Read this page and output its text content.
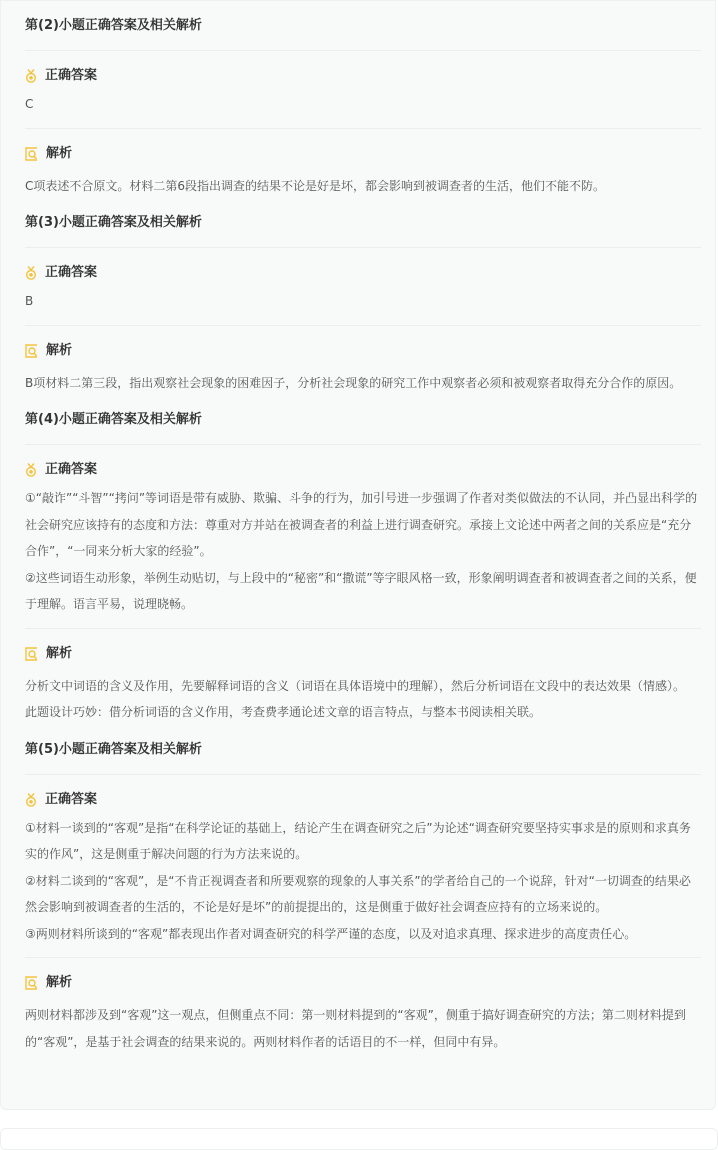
第(2)小题正确答案及相关解析
正确答案

C

解析

C项表述不合原文。材料二第6段指出调查的结果不论是好是坏，都会影响到被调查者的生活，他们不能不防。

第(3)小题正确答案及相关解析
正确答案

B

解析

B项材料二第三段，指出观察社会现象的困难因子，分析社会现象的研究工作中观察者必须和被观察者取得充分合作的原因。

第(4)小题正确答案及相关解析
正确答案

①“敲诈”“斗智”“拷问”等词语是带有威胁、欺骗、斗争的行为，加引号进一步强调了作者对类似做法的不认同，并凸显出科学的社会研究应该持有的态度和方法：尊重对方并站在被调查者的利益上进行调查研究。承接上文论述中两者之间的关系应是“充分合作”，“一同来分析大家的经验”。

②这些词语生动形象，举例生动贴切，与上段中的“秘密”和“撒谎”等字眼风格一致，形象阐明调查者和被调查者之间的关系，便于理解。语言平易，说理晓畅。

解析

分析文中词语的含义及作用，先要解释词语的含义（词语在具体语境中的理解），然后分析词语在文段中的表达效果（情感）。

此题设计巧妙：借分析词语的含义作用，考查费孝通论述文章的语言特点，与整本书阅读相关联。

第(5)小题正确答案及相关解析
正确答案

①材料一谈到的“客观”是指“在科学论证的基础上，结论产生在调查研究之后”为论述“调查研究要坚持实事求是的原则和求真务实的作风”，这是侧重于解决问题的行为方法来说的。

②材料二谈到的“客观”，是“不肯正视调查者和所要观察的现象的人事关系”的学者给自己的一个说辞，针对“一切调查的结果必然会影响到被调查者的生活的，不论是好是坏”的前提提出的，这是侧重于做好社会调查应持有的立场来说的。

③两则材料所谈到的“客观”都表现出作者对调查研究的科学严谨的态度，以及对追求真理、探求进步的高度责任心。

解析

两则材料都涉及到“客观”这一观点，但侧重点不同：第一则材料提到的“客观”，侧重于搞好调查研究的方法；第二则材料提到的“客观”，是基于社会调查的结果来说的。两则材料作者的话语目的不一样，但同中有异。
